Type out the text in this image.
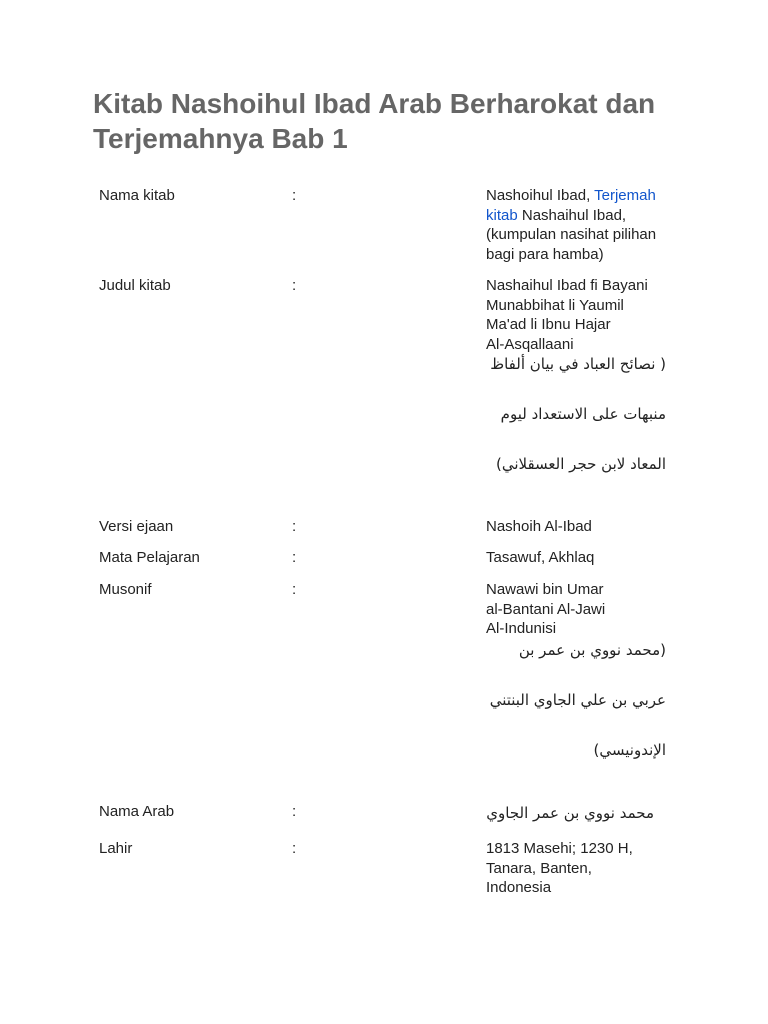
Kitab Nashoihul Ibad Arab Berharokat dan Terjemahnya Bab 1
Nama kitab	:	Nashoihul Ibad, Terjemah
kitab Nashaihul Ibad,
(kumpulan nasihat pilihan
bagi para hamba)
Judul kitab	:	Nashaihul Ibad fi Bayani
Munabbihat li Yaumil
Ma'ad li Ibnu Hajar
Al-Asqallaani
( نصائح العباد في بيان ألفاظ
منبهات على الاستعداد ليوم
المعاد لابن حجر العسقلاني)
Versi ejaan	:	Nashoih Al-Ibad
Mata Pelajaran	:	Tasawuf, Akhlaq
Musonif	:	Nawawi bin Umar
al-Bantani Al-Jawi
Al-Indunisi
(محمد نووي بن عمر بن
عربي بن علي الجاوي البنتني
الإندونيسي)
Nama Arab	:	محمد نووي بن عمر الجاوي
Lahir	:	1813 Masehi; 1230 H,
Tanara, Banten,
Indonesia
